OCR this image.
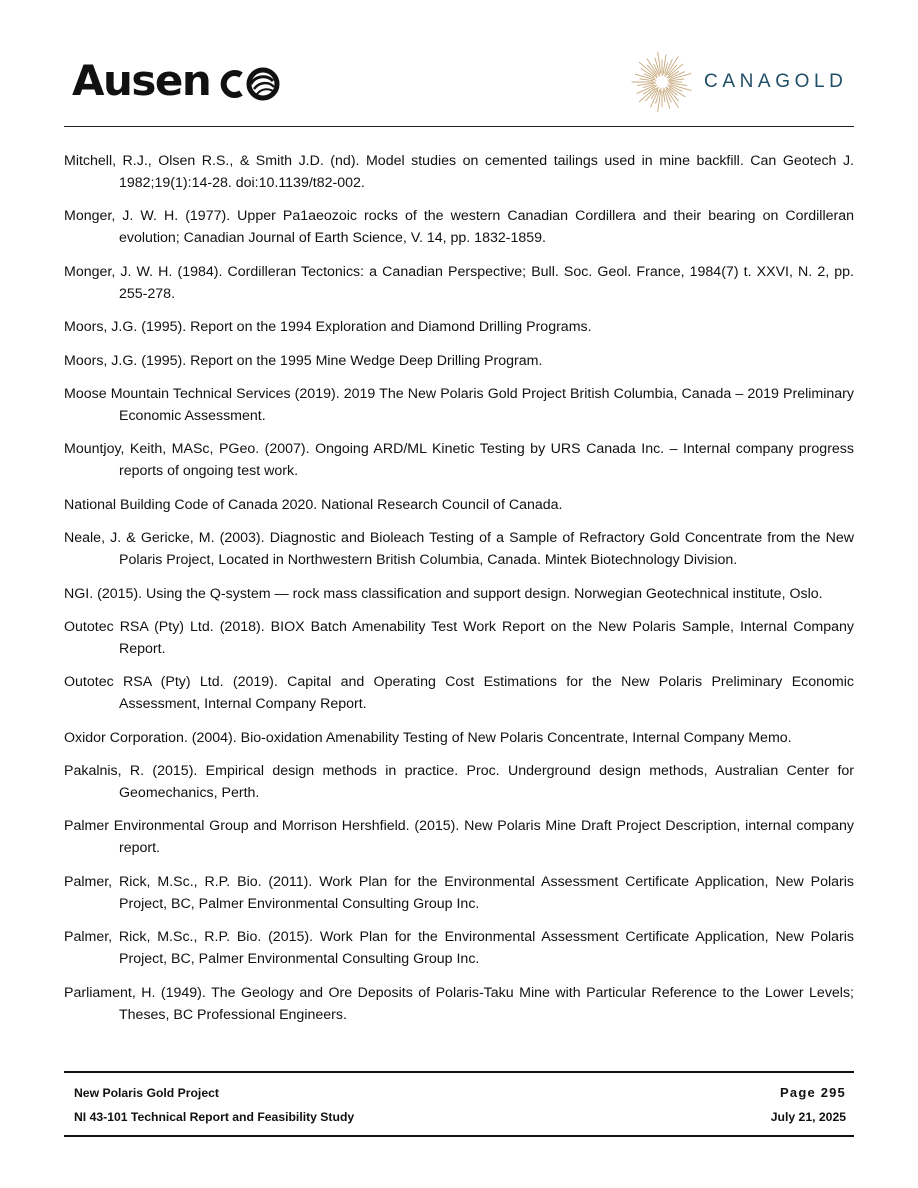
Ausen	CANAGOLD

Mitchell, R.J., Olsen R.S., & Smith J.D. (nd). Model studies on cemented tailings used in mine backfill. Can Geotech J. 1982;19(1):14-28. doi:10.1139/t82-002.

Monger, J. W. H. (1977). Upper Pa1aeozoic rocks of the western Canadian Cordillera and their bearing on Cordilleran evolution; Canadian Journal of Earth Science, V. 14, pp. 1832-1859.

Monger, J. W. H. (1984). Cordilleran Tectonics: a Canadian Perspective; Bull. Soc. Geol. France, 1984(7) t. XXVI, N. 2, pp. 255-278.

Moors, J.G. (1995). Report on the 1994 Exploration and Diamond Drilling Programs.

Moors, J.G. (1995). Report on the 1995 Mine Wedge Deep Drilling Program.

Moose Mountain Technical Services (2019). 2019 The New Polaris Gold Project British Columbia, Canada – 2019 Preliminary Economic Assessment.

Mountjoy, Keith, MASc, PGeo. (2007). Ongoing ARD/ML Kinetic Testing by URS Canada Inc. – Internal company progress reports of ongoing test work.

National Building Code of Canada 2020. National Research Council of Canada.

Neale, J. & Gericke, M. (2003). Diagnostic and Bioleach Testing of a Sample of Refractory Gold Concentrate from the New Polaris Project, Located in Northwestern British Columbia, Canada. Mintek Biotechnology Division.

NGI. (2015). Using the Q-system — rock mass classification and support design. Norwegian Geotechnical institute, Oslo.

Outotec RSA (Pty) Ltd. (2018). BIOX Batch Amenability Test Work Report on the New Polaris Sample, Internal Company Report.

Outotec RSA (Pty) Ltd. (2019). Capital and Operating Cost Estimations for the New Polaris Preliminary Economic Assessment, Internal Company Report.

Oxidor Corporation. (2004). Bio-oxidation Amenability Testing of New Polaris Concentrate, Internal Company Memo.

Pakalnis, R. (2015). Empirical design methods in practice. Proc. Underground design methods, Australian Center for Geomechanics, Perth.

Palmer Environmental Group and Morrison Hershfield. (2015). New Polaris Mine Draft Project Description, internal company report.

Palmer, Rick, M.Sc., R.P. Bio. (2011). Work Plan for the Environmental Assessment Certificate Application, New Polaris Project, BC, Palmer Environmental Consulting Group Inc.

Palmer, Rick, M.Sc., R.P. Bio. (2015). Work Plan for the Environmental Assessment Certificate Application, New Polaris Project, BC, Palmer Environmental Consulting Group Inc.

Parliament, H. (1949). The Geology and Ore Deposits of Polaris-Taku Mine with Particular Reference to the Lower Levels; Theses, BC Professional Engineers.

New Polaris Gold Project
NI 43-101 Technical Report and Feasibility Study
Page 295
July 21, 2025
